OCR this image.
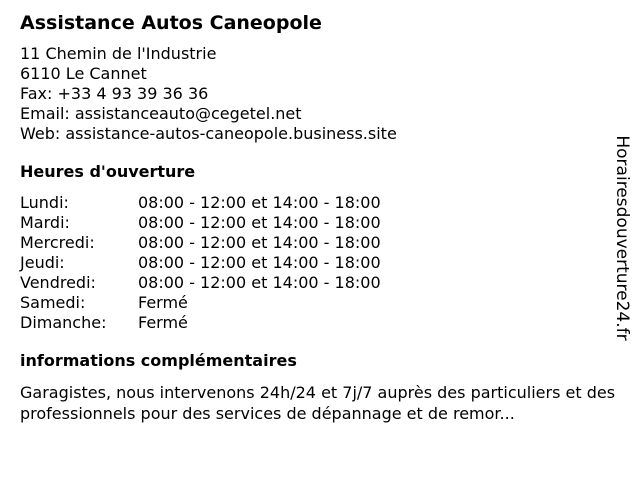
Assistance Autos Caneopole
11 Chemin de l'Industrie
6110 Le Cannet
Fax: +33 4 93 39 36 36
Email: assistanceauto@cegetel.net
Web: assistance-autos-caneopole.business.site
Heures d'ouverture
Lundi:	08:00 - 12:00 et 14:00 - 18:00
Mardi:	08:00 - 12:00 et 14:00 - 18:00
Mercredi:	08:00 - 12:00 et 14:00 - 18:00
Jeudi:	08:00 - 12:00 et 14:00 - 18:00
Vendredi:	08:00 - 12:00 et 14:00 - 18:00
Samedi:	Fermé
Dimanche:	Fermé
informations complémentaires
Garagistes, nous intervenons 24h/24 et 7j/7 auprès des particuliers et des professionnels pour des services de dépannage et de remor...
Horairesdouverture24.fr
